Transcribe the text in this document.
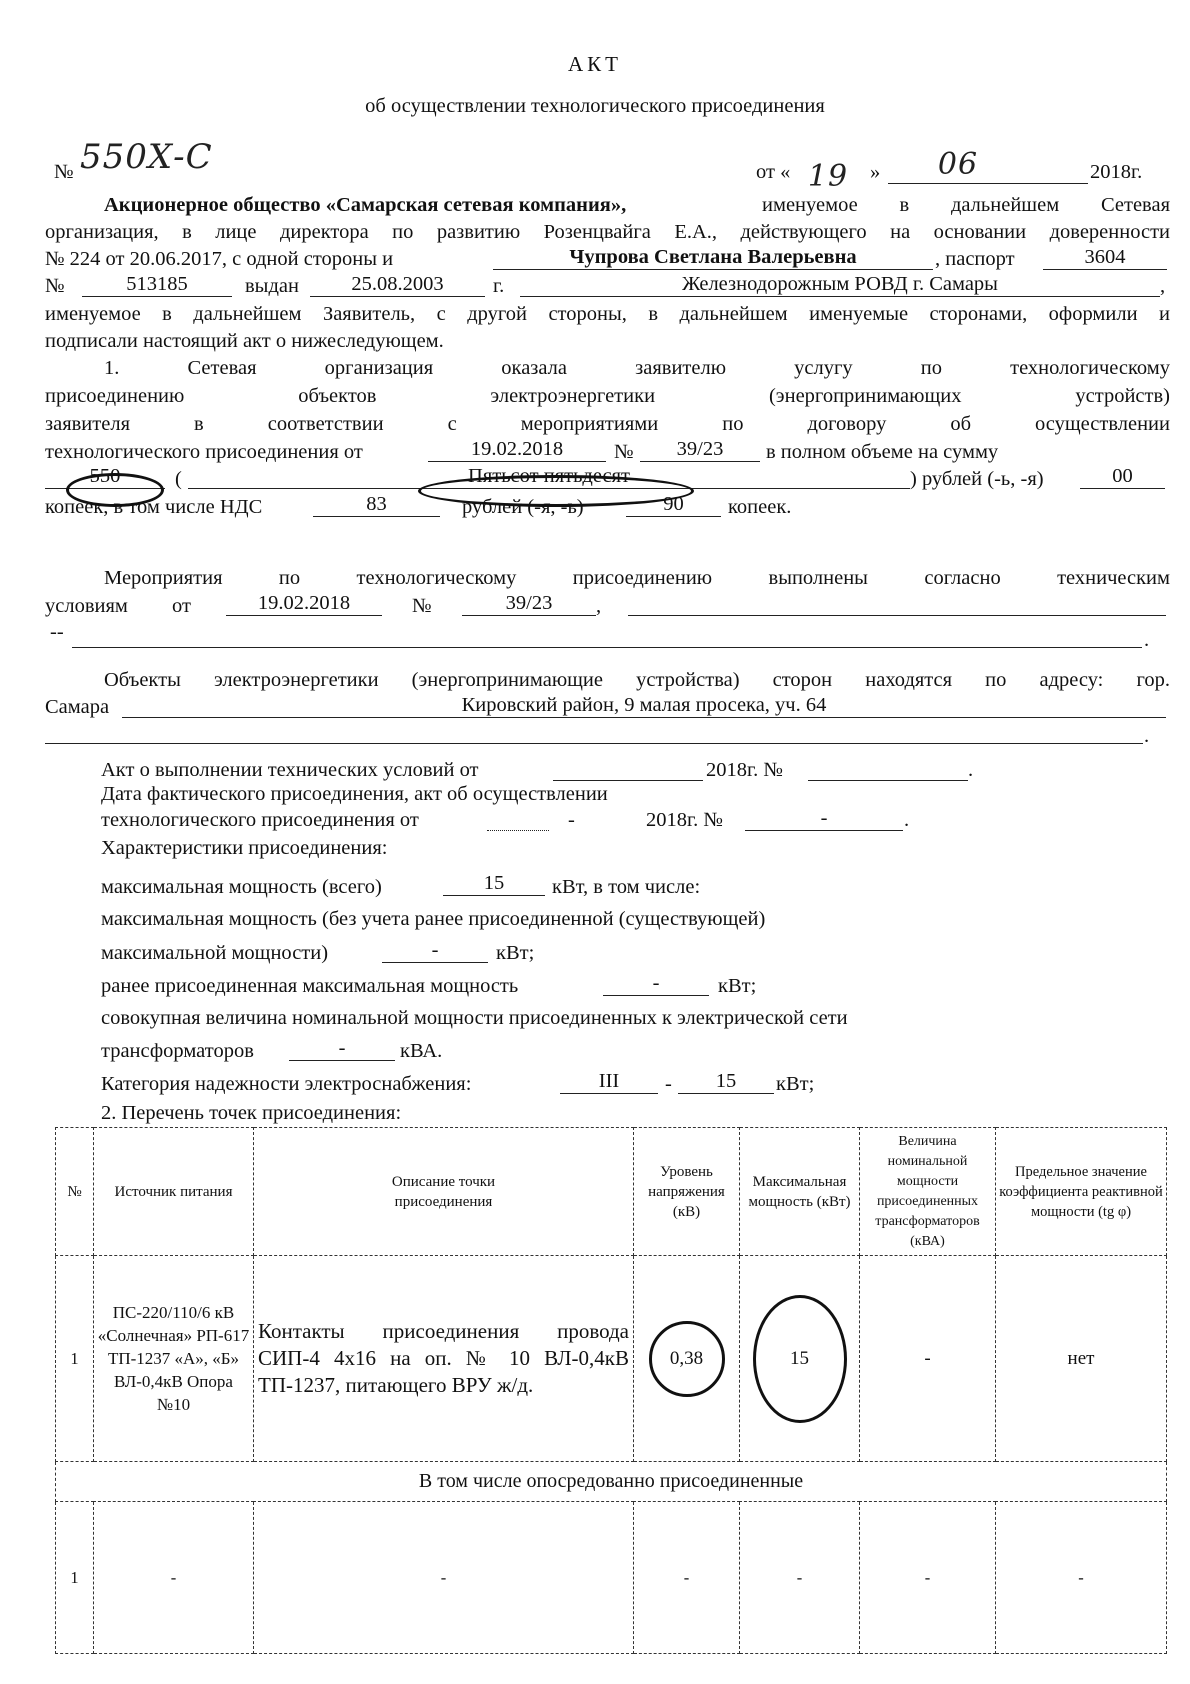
АКТ
об осуществлении технологического присоединения
№ 550Х-С	от « 19	»	06	2018г.
Акционерное общество «Самарская сетевая компания»,	именуемое в дальнейшем Сетевая
организация, в лице директора по развитию Розенцвайга Е.А., действующего на основании доверенности
№ 224 от 20.06.2017, с одной стороны и	Чупрова Светлана Валерьевна	, паспорт	3604
№	513185	выдан	25.08.2003	г.	Железнодорожным РОВД г. Самары	,
именуемое в дальнейшем Заявитель, с другой стороны, в дальнейшем именуемые сторонами, оформили и
подписали настоящий акт о нижеследующем.
1. Сетевая организация оказала заявителю услугу по технологическому
присоединению объектов электроэнергетики (энергопринимающих устройств)
заявителя в соответствии с мероприятиями по договору об осуществлении
технологического присоединения от	19.02.2018	№	39/23	в полном объеме на сумму
550	(	Пятьсот пятьдесят	) рублей (-ь, -я)	00
копеек, в том числе НДС	83	рублей (-я, -ь)	90	копеек.
Мероприятия по технологическому присоединению выполнены согласно техническим
условиям от	19.02.2018	№	39/23	,
--	.
Объекты электроэнергетики (энергопринимающие устройства) сторон находятся по адресу: гор.
Самара	Кировский район, 9 малая просека, уч. 64
.
Акт о выполнении технических условий от	2018г. №	.
Дата фактического присоединения, акт об осуществлении
технологического присоединения от	-	2018г. №	-	.
Характеристики присоединения:
максимальная мощность (всего)	15	кВт, в том числе:
максимальная мощность (без учета ранее присоединенной (существующей)
максимальной мощности)	-	кВт;
ранее присоединенная максимальная мощность	-	кВт;
совокупная величина номинальной мощности присоединенных к электрической сети
трансформаторов	-	кВА.
Категория надежности электроснабжения:	III	-	15	кВт;
2. Перечень точек присоединения:
№	Источник питания	Описание точки присоединения	Уровень напряжения (кВ)	Максимальная мощность (кВт)	Величина номинальной мощности присоединенных трансформаторов (кВА)	Предельное значение коэффициента реактивной мощности (tg φ)
1	ПС-220/110/6 кВ «Солнечная» РП-617 ТП-1237 «А», «Б» ВЛ-0,4кВ Опора №10	Контакты присоединения провода СИП-4 4х16 на оп. № 10 ВЛ-0,4кВ ТП-1237, питающего ВРУ ж/д.	0,38	15	-	нет
В том числе опосредованно присоединенные						
1	-	-	-	-	-	-
